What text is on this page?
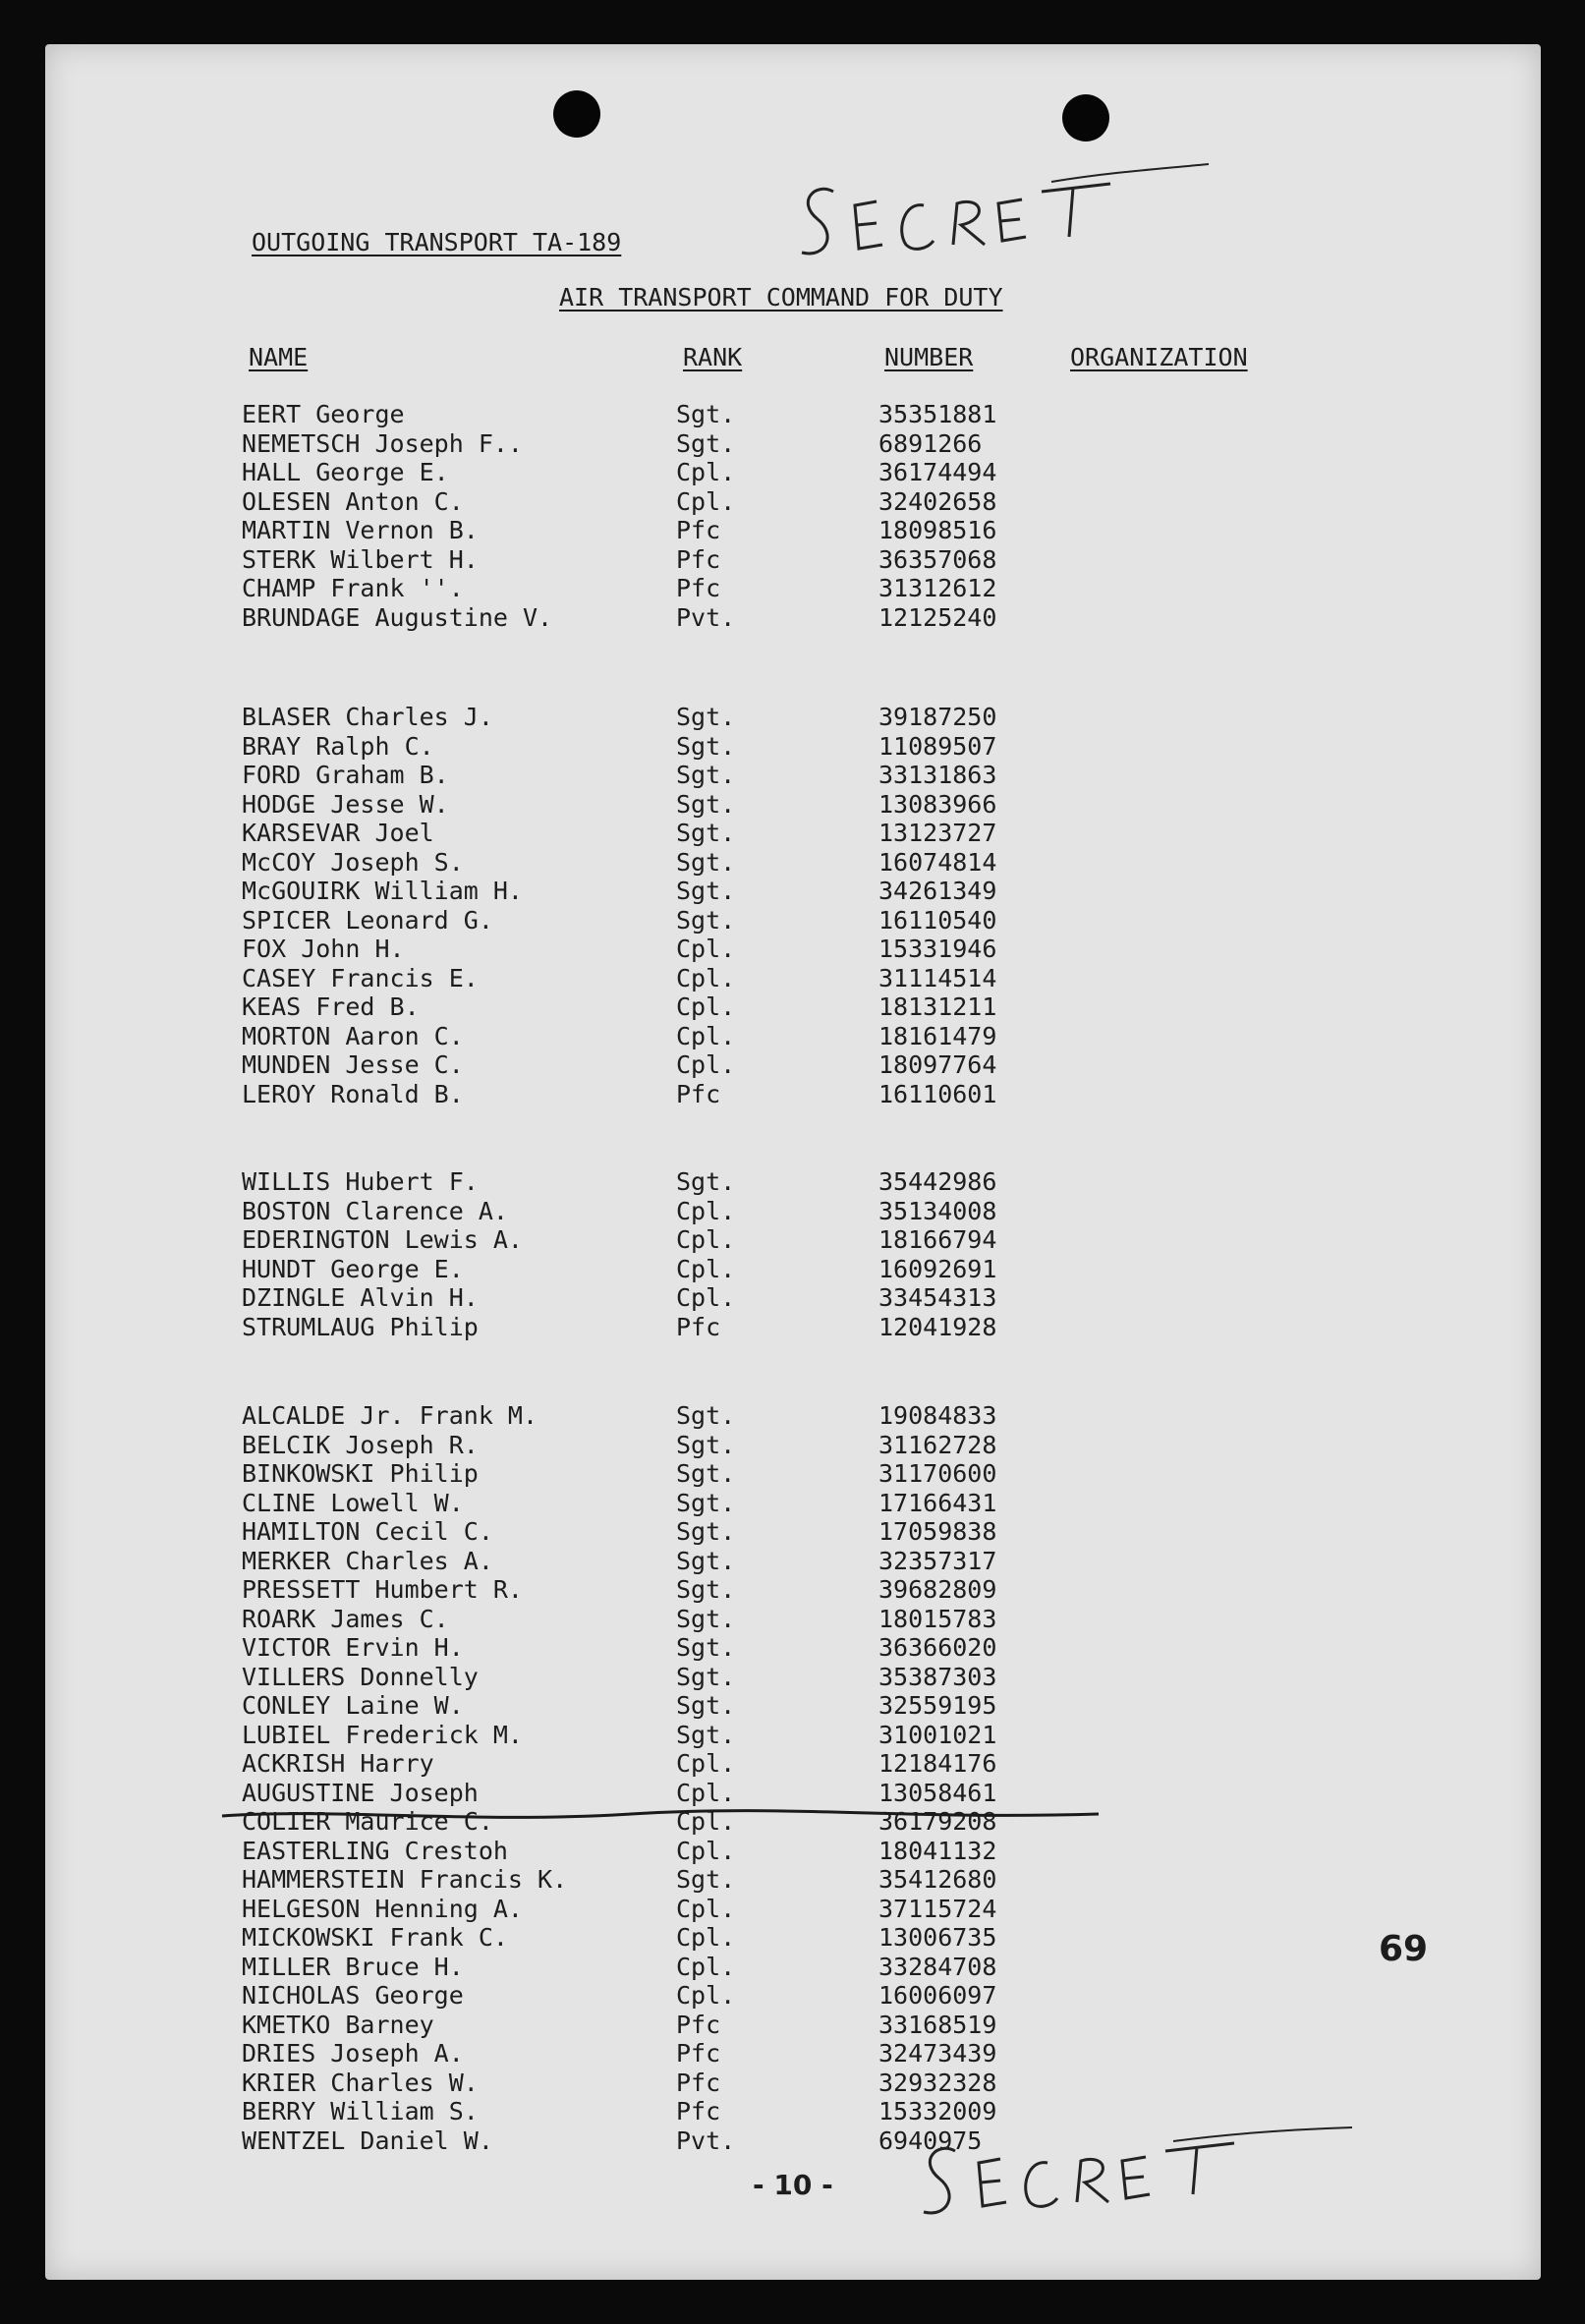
OUTGOING TRANSPORT TA-189
AIR TRANSPORT COMMAND FOR DUTY
NAME	RANK	NUMBER	ORGANIZATION
EERT George	Sgt.	35351881
NEMETSCH Joseph F..	Sgt.	6891266
HALL George E.	Cpl.	36174494
OLESEN Anton C.	Cpl.	32402658
MARTIN Vernon B.	Pfc	18098516
STERK Wilbert H.	Pfc	36357068
CHAMP Frank ''.	Pfc	31312612
BRUNDAGE Augustine V.	Pvt.	12125240
BLASER Charles J.	Sgt.	39187250
BRAY Ralph C.	Sgt.	11089507
FORD Graham B.	Sgt.	33131863
HODGE Jesse W.	Sgt.	13083966
KARSEVAR Joel	Sgt.	13123727
McCOY Joseph S.	Sgt.	16074814
McGOUIRK William H.	Sgt.	34261349
SPICER Leonard G.	Sgt.	16110540
FOX John H.	Cpl.	15331946
CASEY Francis E.	Cpl.	31114514
KEAS Fred B.	Cpl.	18131211
MORTON Aaron C.	Cpl.	18161479
MUNDEN Jesse C.	Cpl.	18097764
LEROY Ronald B.	Pfc	16110601
WILLIS Hubert F.	Sgt.	35442986
BOSTON Clarence A.	Cpl.	35134008
EDERINGTON Lewis A.	Cpl.	18166794
HUNDT George E.	Cpl.	16092691
DZINGLE Alvin H.	Cpl.	33454313
STRUMLAUG Philip	Pfc	12041928
ALCALDE Jr. Frank M.	Sgt.	19084833
BELCIK Joseph R.	Sgt.	31162728
BINKOWSKI Philip	Sgt.	31170600
CLINE Lowell W.	Sgt.	17166431
HAMILTON Cecil C.	Sgt.	17059838
MERKER Charles A.	Sgt.	32357317
PRESSETT Humbert R.	Sgt.	39682809
ROARK James C.	Sgt.	18015783
VICTOR Ervin H.	Sgt.	36366020
VILLERS Donnelly	Sgt.	35387303
CONLEY Laine W.	Sgt.	32559195
LUBIEL Frederick M.	Sgt.	31001021
ACKRISH Harry	Cpl.	12184176
AUGUSTINE Joseph	Cpl.	13058461
COLIER Maurice C.	Cpl.	36179208
EASTERLING Crestoh	Cpl.	18041132
HAMMERSTEIN Francis K.	Sgt.	35412680
HELGESON Henning A.	Cpl.	37115724
MICKOWSKI Frank C.	Cpl.	13006735
MILLER Bruce H.	Cpl.	33284708
NICHOLAS George	Cpl.	16006097
KMETKO Barney	Pfc	33168519
DRIES Joseph A.	Pfc	32473439
KRIER Charles W.	Pfc	32932328
BERRY William S.	Pfc	15332009
WENTZEL Daniel W.	Pvt.	6940975
69
- 10 -
